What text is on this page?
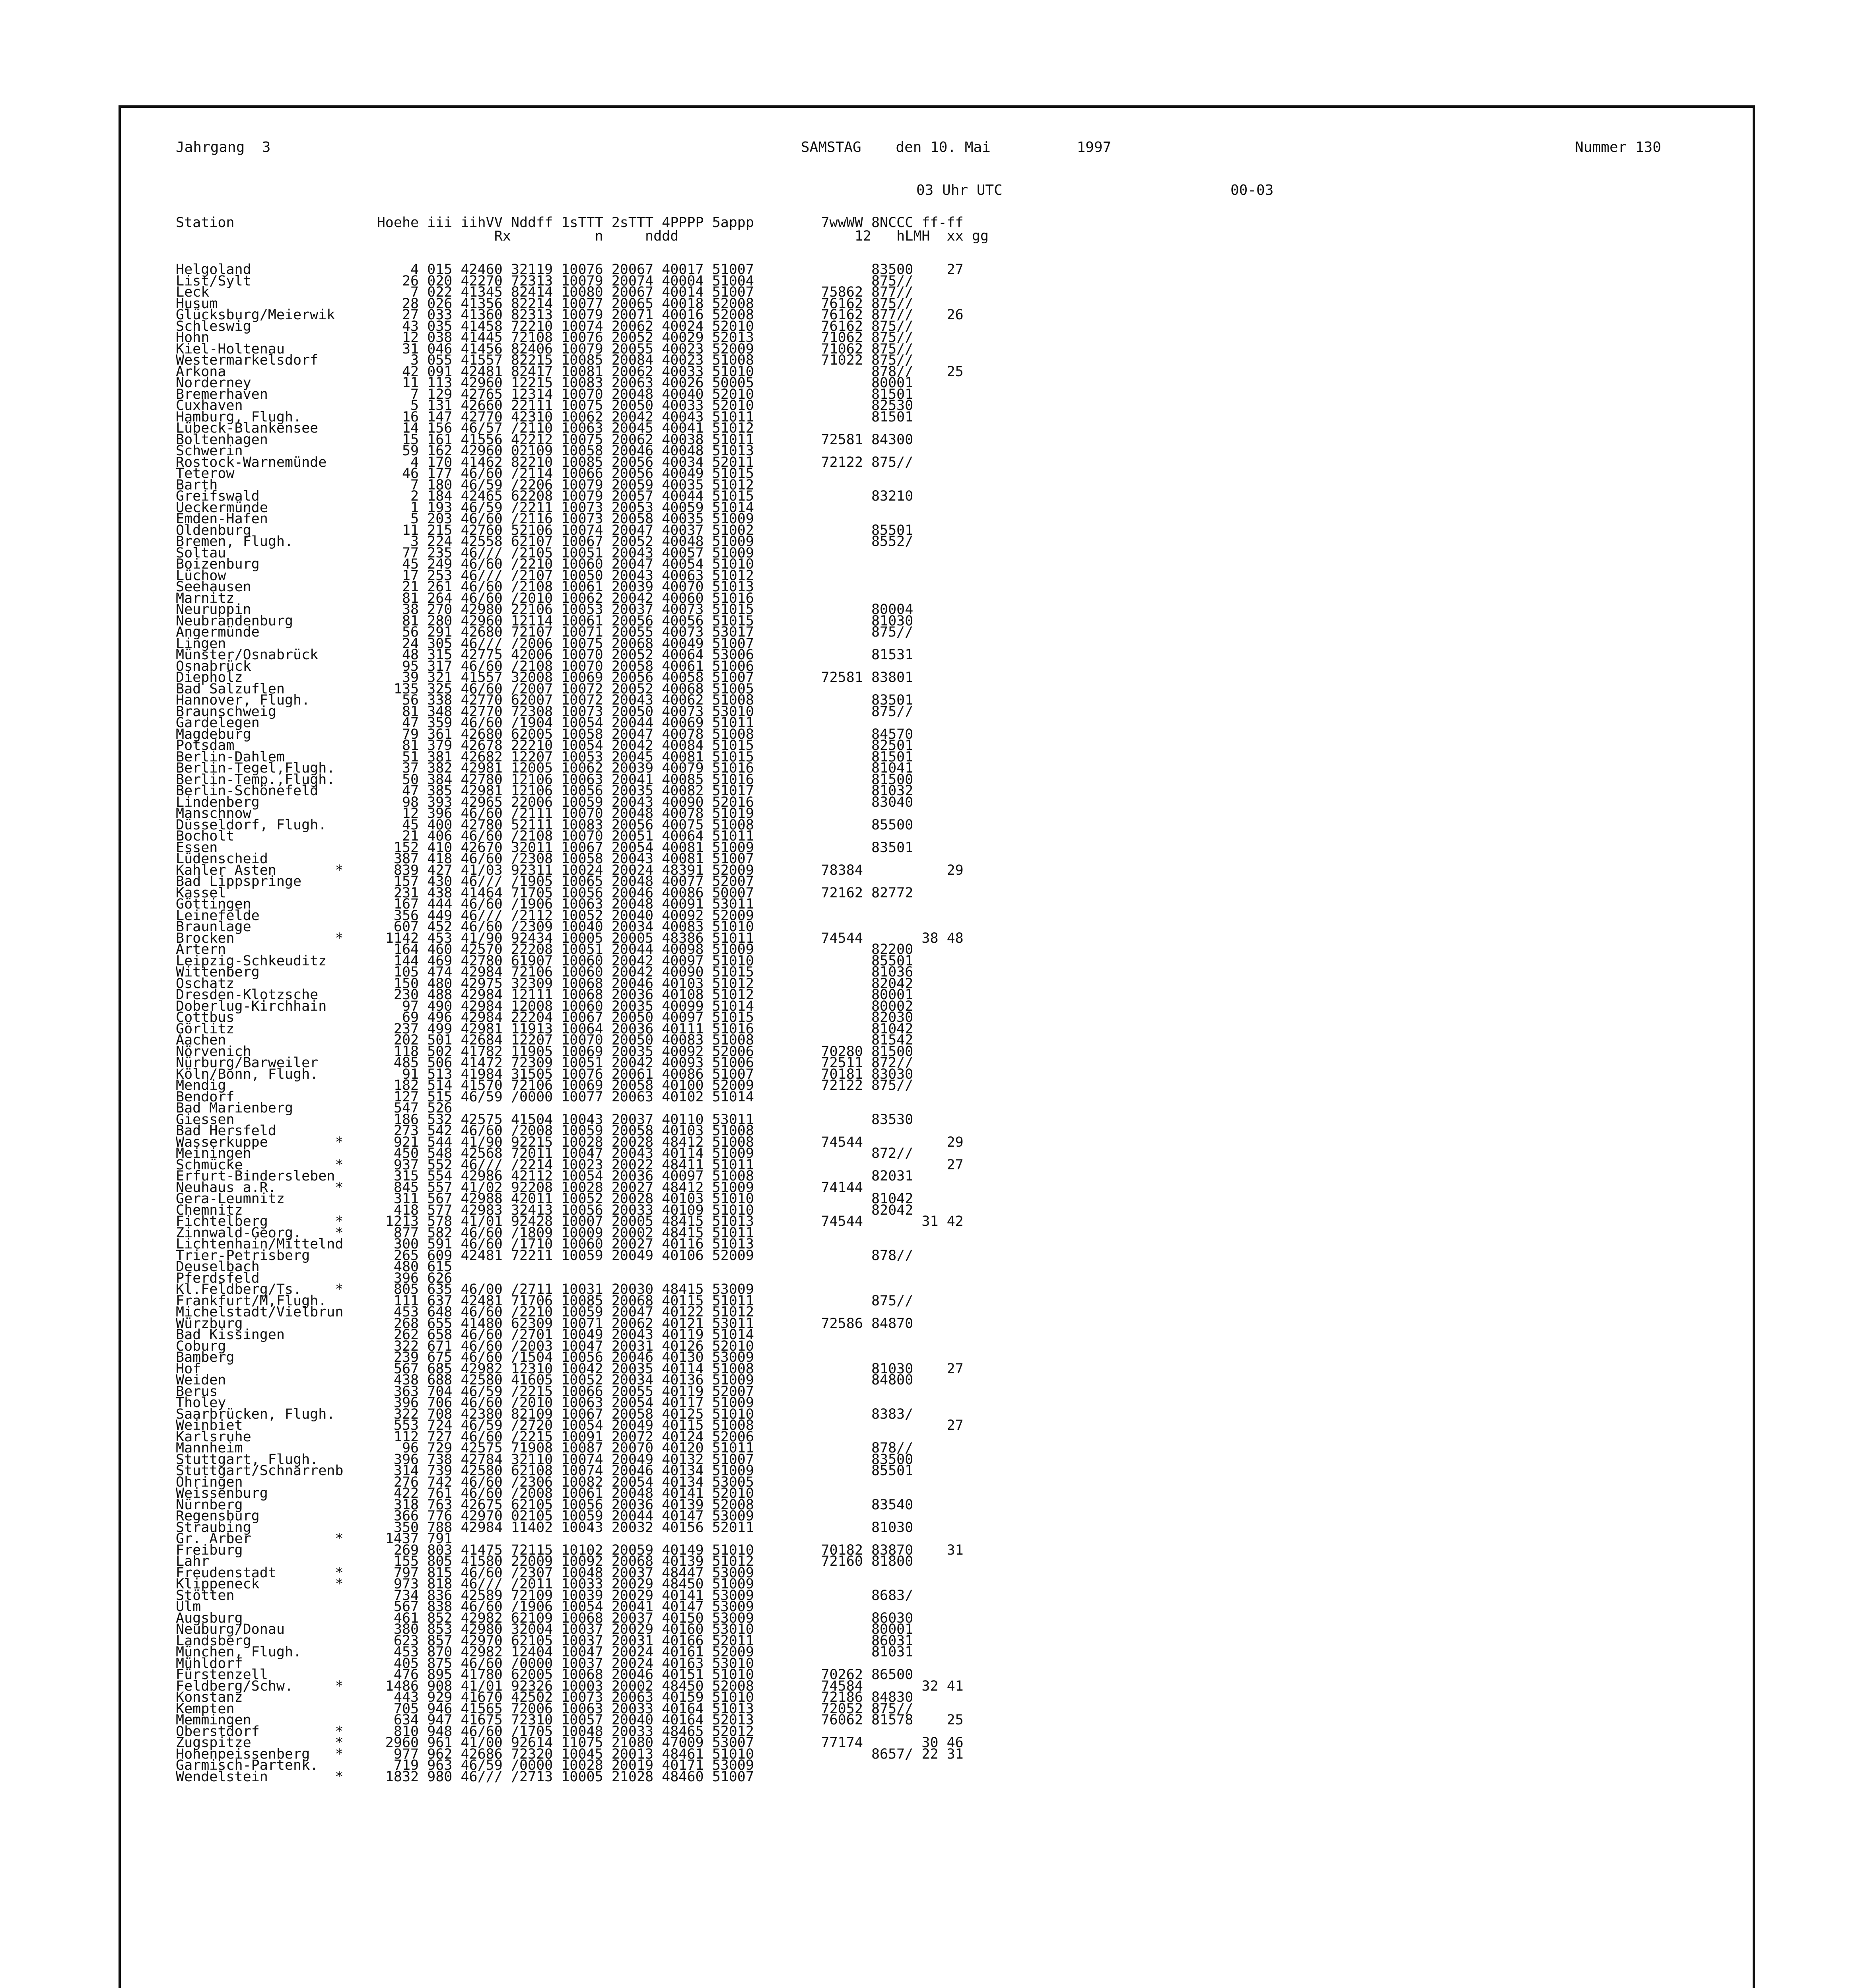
Jahrgang  3	SAMSTAG    den 10. Mai          1997	Nummer 130
03 Uhr UTC	00-03
Station                 Hoehe iii iihVV Nddff 1sTTT 2sTTT 4PPPP 5appp        7wwWW 8NCCC ff-ff
Rx          n     nddd                     12   hLMH  xx gg
Helgoland                   4 015 42460 32119 10076 20067 40017 51007              83500    27
List/Sylt                  26 020 42270 72313 10079 20074 40004 51004              875//
Leck                        7 022 41345 82414 10080 20067 40014 51007        75862 877//
Husum                      28 026 41356 82214 10077 20065 40018 52008        76162 875//
Glücksburg/Meierwik        27 033 41360 82313 10079 20071 40016 52008        76162 877//    26
Schleswig                  43 035 41458 72210 10074 20062 40024 52010        76162 875//
Hohn                       12 038 41445 72108 10076 20052 40029 52013        71062 875//
Kiel-Holtenau              31 046 41456 82406 10079 20055 40023 52009        71062 875//
Westermarkelsdorf           3 055 41557 82215 10085 20084 40023 51008        71022 875//
Arkona                     42 091 42481 82417 10081 20062 40033 51010              878//    25
Norderney                  11 113 42960 12215 10083 20063 40026 50005              80001
Bremerhaven                 7 129 42765 12314 10070 20048 40040 52010              81501
Cuxhaven                    5 131 42660 22111 10075 20050 40033 52010              82530
Hamburg, Flugh.            16 147 42770 42310 10062 20042 40043 51011              81501
Lübeck-Blankensee          14 156 46/57 /2110 10063 20045 40041 51012
Boltenhagen                15 161 41556 42212 10075 20062 40038 51011        72581 84300
Schwerin                   59 162 42960 02109 10058 20046 40048 51013
Rostock-Warnemünde          4 170 41462 82210 10085 20056 40034 52011        72122 875//
Teterow                    46 177 46/60 /2114 10066 20056 40049 51015
Barth                       7 180 46/59 /2206 10079 20059 40035 51012
Greifswald                  2 184 42465 62208 10079 20057 40044 51015              83210
Ueckermünde                 1 193 46/59 /2211 10073 20053 40059 51014
Emden-Hafen                 5 203 46/60 /2116 10073 20058 40035 51009
Oldenburg                  11 215 42760 52106 10074 20047 40037 51002              85501
Bremen, Flugh.              3 224 42558 62107 10067 20052 40048 51009              8552/
Soltau                     77 235 46/// /2105 10051 20043 40057 51009
Boizenburg                 45 249 46/60 /2210 10060 20047 40054 51010
Lüchow                     17 253 46/// /2107 10050 20043 40063 51012
Seehausen                  21 261 46/60 /2108 10061 20039 40070 51013
Marnitz                    81 264 46/60 /2010 10062 20042 40060 51016
Neuruppin                  38 270 42980 22106 10053 20037 40073 51015              80004
Neubrandenburg             81 280 42960 12114 10061 20056 40056 51015              81030
Angermünde                 56 291 42680 72107 10071 20055 40073 53017              875//
Lingen                     24 305 46/// /2006 10075 20068 40049 51007
Münster/Osnabrück          48 315 42775 42006 10070 20052 40064 53006              81531
Osnabrück                  95 317 46/60 /2108 10070 20058 40061 51006
Diepholz                   39 321 41557 32008 10069 20056 40058 51007        72581 83801
Bad Salzuflen             135 325 46/60 /2007 10072 20052 40068 51005
Hannover, Flugh.           56 338 42770 62007 10072 20043 40062 51008              83501
Braunschweig               81 348 42770 72308 10073 20050 40073 53010              875//
Gardelegen                 47 359 46/60 /1904 10054 20044 40069 51011
Magdeburg                  79 361 42680 62005 10058 20047 40078 51008              84570
Potsdam                    81 379 42678 22210 10054 20042 40084 51015              82501
Berlin-Dahlem              51 381 42682 12207 10053 20045 40081 51015              81501
Berlin-Tegel,Flugh.        37 382 42981 12005 10062 20039 40079 51016              81041
Berlin-Temp.,Flugh.        50 384 42780 12106 10063 20041 40085 51016              81500
Berlin-Schönefeld          47 385 42981 12106 10056 20035 40082 51017              81032
Lindenberg                 98 393 42965 22006 10059 20043 40090 52016              83040
Manschnow                  12 396 46/60 /2111 10070 20048 40078 51019
Düsseldorf, Flugh.         45 400 42780 52111 10083 20056 40075 51008              85500
Bocholt                    21 406 46/60 /2108 10070 20051 40064 51011
Essen                     152 410 42670 32011 10067 20054 40081 51009              83501
Lüdenscheid               387 418 46/60 /2308 10058 20043 40081 51007
Kahler Asten       *      839 427 41/03 92311 10024 20024 48391 52009        78384          29
Bad Lippspringe           157 430 46/// /1905 10065 20048 40077 52007
Kassel                    231 438 41464 71705 10056 20046 40086 50007        72162 82772
Göttingen                 167 444 46/60 /1906 10063 20048 40091 53011
Leinefelde                356 449 46/// /2112 10052 20040 40092 52009
Braunlage                 607 452 46/60 /2309 10040 20034 40083 51010
Brocken            *     1142 453 41/90 92434 10005 20005 48386 51011        74544       38 48
Artern                    164 460 42570 22208 10051 20044 40098 51009              82200
Leipzig-Schkeuditz        144 469 42780 61907 10060 20042 40097 51010              85501
Wittenberg                105 474 42984 72106 10060 20042 40090 51015              81036
Oschatz                   150 480 42975 32309 10068 20046 40103 51012              82042
Dresden-Klotzsche         230 488 42984 12111 10068 20036 40108 51012              80001
Doberlug-Kirchhain         97 490 42984 12008 10060 20035 40099 51014              80002
Cottbus                    69 496 42984 22204 10067 20050 40097 51015              82030
Görlitz                   237 499 42981 11913 10064 20036 40111 51016              81042
Aachen                    202 501 42684 12207 10070 20050 40083 51008              81542
Nörvenich                 118 502 41782 11905 10069 20035 40092 52006        70280 81500
Nürburg/Barweiler         485 506 41472 72309 10051 20042 40093 51006        72511 872//
Köln/Bonn, Flugh.          91 513 41984 31505 10076 20061 40086 51007        70181 83030
Mendig                    182 514 41570 72106 10069 20058 40100 52009        72122 875//
Bendorf                   127 515 46/59 /0000 10077 20063 40102 51014
Bad Marienberg            547 526
Giessen                   186 532 42575 41504 10043 20037 40110 53011              83530
Bad Hersfeld              273 542 46/60 /2008 10059 20058 40103 51008
Wasserkuppe        *      921 544 41/90 92215 10028 20028 48412 51008        74544          29
Meiningen                 450 548 42568 72011 10047 20043 40114 51009              872//
Schmücke           *      937 552 46/// /2214 10023 20022 48411 51011                       27
Erfurt-Bindersleben       315 554 42986 42112 10054 20036 40097 51008              82031
Neuhaus a.R.       *      845 557 41/02 92208 10028 20027 48412 51009        74144
Gera-Leumnitz             311 567 42988 42011 10052 20028 40103 51010              81042
Chemnitz                  418 577 42983 32413 10056 20033 40109 51010              82042
Fichtelberg        *     1213 578 41/01 92428 10007 20005 48415 51013        74544       31 42
Zinnwald-Georg.    *      877 582 46/60 /1809 10009 20002 48415 51011
Lichtenhain/Mittelnd      300 591 46/60 /1710 10060 20027 40116 51013
Trier-Petrisberg          265 609 42481 72211 10059 20049 40106 52009              878//
Deuselbach                480 615
Pferdsfeld                396 626
Kl.Feldberg/Ts.    *      805 635 46/00 /2711 10031 20030 48415 53009
Frankfurt/M,Flugh.        111 637 42481 71706 10085 20068 40115 51011              875//
Michelstadt/Vielbrun      453 648 46/60 /2210 10059 20047 40122 51012
Würzburg                  268 655 41480 62309 10071 20062 40121 53011        72586 84870
Bad Kissingen             262 658 46/60 /2701 10049 20043 40119 51014
Coburg                    322 671 46/60 /2003 10047 20031 40126 52010
Bamberg                   239 675 46/60 /1504 10056 20046 40130 53009
Hof                       567 685 42982 12310 10042 20035 40114 51008              81030    27
Weiden                    438 688 42580 41605 10052 20034 40136 51009              84800
Berus                     363 704 46/59 /2215 10066 20055 40119 52007
Tholey                    396 706 46/60 /2010 10063 20054 40117 51009
Saarbrücken, Flugh.       322 708 42380 82109 10067 20058 40125 51010              8383/
Weinbiet                  553 724 46/59 /2720 10054 20049 40115 51008                       27
Karlsruhe                 112 727 46/60 /2215 10091 20072 40124 52006
Mannheim                   96 729 42575 71908 10087 20070 40120 51011              878//
Stuttgart, Flugh.         396 738 42784 32110 10074 20049 40132 51007              83500
Stuttgart/Schnarrenb      314 739 42580 62108 10074 20046 40134 51009              85501
Öhringen                  276 742 46/60 /2306 10082 20054 40134 53005
Weissenburg               422 761 46/60 /2008 10061 20048 40141 52010
Nürnberg                  318 763 42675 62105 10056 20036 40139 52008              83540
Regensburg                366 776 42970 02105 10059 20044 40147 53009
Straubing                 350 788 42984 11402 10043 20032 40156 52011              81030
Gr. Arber          *     1437 791
Freiburg                  269 803 41475 72115 10102 20059 40149 51010        70182 83870    31
Lahr                      155 805 41580 22009 10092 20068 40139 51012        72160 81800
Freudenstadt       *      797 815 46/60 /2307 10048 20037 48447 53009
Klippeneck         *      973 818 46/// /2011 10033 20029 48450 51009
Stötten                   734 836 42589 72109 10039 20029 40141 53009              8683/
Ulm                       567 838 46/60 /1906 10054 20041 40147 53009
Augsburg                  461 852 42982 62109 10068 20037 40150 53009              86030
Neuburg/Donau             380 853 42980 32004 10037 20029 40160 53010              80001
Landsberg                 623 857 42970 62105 10037 20031 40166 52011              86031
München, Flugh.           453 870 42982 12404 10047 20024 40161 52009              81031
Mühldorf                  405 875 46/60 /0000 10037 20024 40163 53010
Fürstenzell               476 895 41780 62005 10068 20046 40151 51010        70262 86500
Feldberg/Schw.     *     1486 908 41/01 92326 10003 20002 48450 52008        74584       32 41
Konstanz                  443 929 41670 42502 10073 20063 40159 51010        72186 84830
Kempten                   705 946 41565 72006 10063 20033 40164 51013        72052 875//
Memmingen                 634 947 41675 72310 10057 20040 40164 52013        76062 81578    25
Oberstdorf         *      810 948 46/60 /1705 10048 20033 48465 52012
Zugspitze          *     2960 961 41/00 92614 11075 21080 47009 53007        77174       30 46
Hohenpeissenberg   *      977 962 42686 72320 10045 20013 48461 51010              8657/ 22 31
Garmisch-Partenk.         719 963 46/59 /0000 10028 20019 40171 53009
Wendelstein        *     1832 980 46/// /2713 10005 21028 48460 51007
